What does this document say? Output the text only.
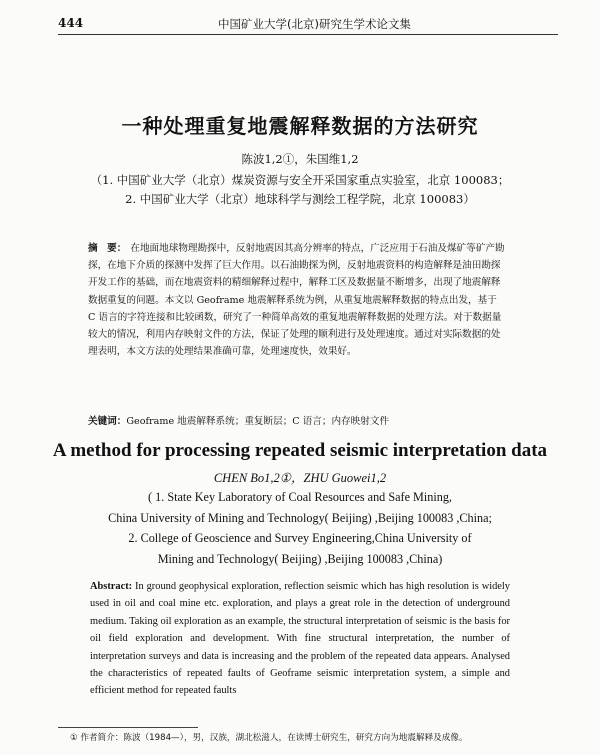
444	中国矿业大学(北京)研究生学术论文集
一种处理重复地震解释数据的方法研究
陈波1,2①，朱国维1,2
（1. 中国矿业大学（北京）煤炭资源与安全开采国家重点实验室，北京 100083；
2. 中国矿业大学（北京）地球科学与测绘工程学院，北京 100083）
摘　要： 在地面地球物理勘探中，反射地震因其高分辨率的特点，广泛应用于石油及煤矿等矿产勘探，在地下介质的探测中发挥了巨大作用。以石油勘探为例，反射地震资料的构造解释是油田勘探开发工作的基础，而在地震资料的精细解释过程中，解释工区及数据量不断增多，出现了地震解释数据重复的问题。本文以 Geoframe 地震解释系统为例，从重复地震解释数据的特点出发，基于 C 语言的字符连接和比较函数，研究了一种简单高效的重复地震解释数据的处理方法。对于数据量较大的情况，利用内存映射文件的方法，保证了处理的顺利进行及处理速度。通过对实际数据的处理表明，本文方法的处理结果准确可靠，处理速度快，效果好。
关键词：Geoframe 地震解释系统；重复断层；C 语言；内存映射文件
A method for processing repeated seismic interpretation data
CHEN Bo1,2①，ZHU Guowei1,2
( 1. State Key Laboratory of Coal Resources and Safe Mining,
China University of Mining and Technology( Beijing) ,Beijing 100083 ,China;
2. College of Geoscience and Survey Engineering,China University of
Mining and Technology( Beijing) ,Beijing 100083 ,China)
Abstract: In ground geophysical exploration, reflection seismic which has high resolution is widely used in oil and coal mine etc. exploration, and plays a great role in the detection of underground medium. Taking oil exploration as an example, the structural interpretation of seismic is the basis for oil field exploration and development. With fine structural interpretation, the number of interpretation surveys and data is increasing and the problem of the repeated data appears. Analysed the characteristics of repeated faults of Geoframe seismic interpretation system, a simple and efficient method for repeated faults
① 作者简介：陈波（1984—），男，汉族，湖北松滋人，在读博士研究生，研究方向为地震解释及成像。
